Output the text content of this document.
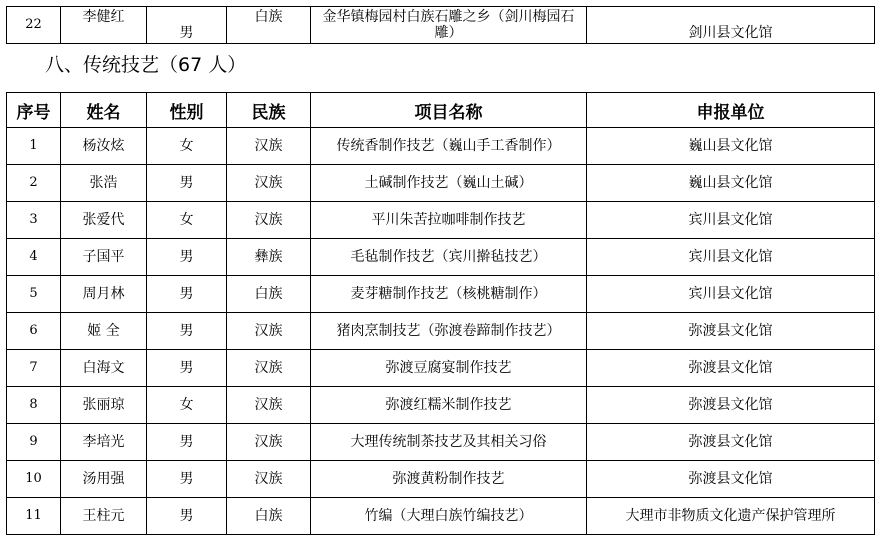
22	李健红	男	白族	金华镇梅园村白族石雕之乡（剑川梅园石雕）	剑川县文化馆
八、传统技艺（67 人）
序号	姓名	性别	民族	项目名称	申报单位
1	杨汝炫	女	汉族	传统香制作技艺（巍山手工香制作）	巍山县文化馆
2	张浩	男	汉族	土碱制作技艺（巍山土碱）	巍山县文化馆
3	张爱代	女	汉族	平川朱苦拉咖啡制作技艺	宾川县文化馆
4	子国平	男	彝族	毛毡制作技艺（宾川擀毡技艺）	宾川县文化馆
5	周月林	男	白族	麦芽糖制作技艺（核桃糖制作）	宾川县文化馆
6	姬 全	男	汉族	猪肉烹制技艺（弥渡卷蹄制作技艺）	弥渡县文化馆
7	白海文	男	汉族	弥渡豆腐宴制作技艺	弥渡县文化馆
8	张丽琼	女	汉族	弥渡红糯米制作技艺	弥渡县文化馆
9	李培光	男	汉族	大理传统制茶技艺及其相关习俗	弥渡县文化馆
10	汤用强	男	汉族	弥渡黄粉制作技艺	弥渡县文化馆
11	王柱元	男	白族	竹编（大理白族竹编技艺）	大理市非物质文化遗产保护管理所
